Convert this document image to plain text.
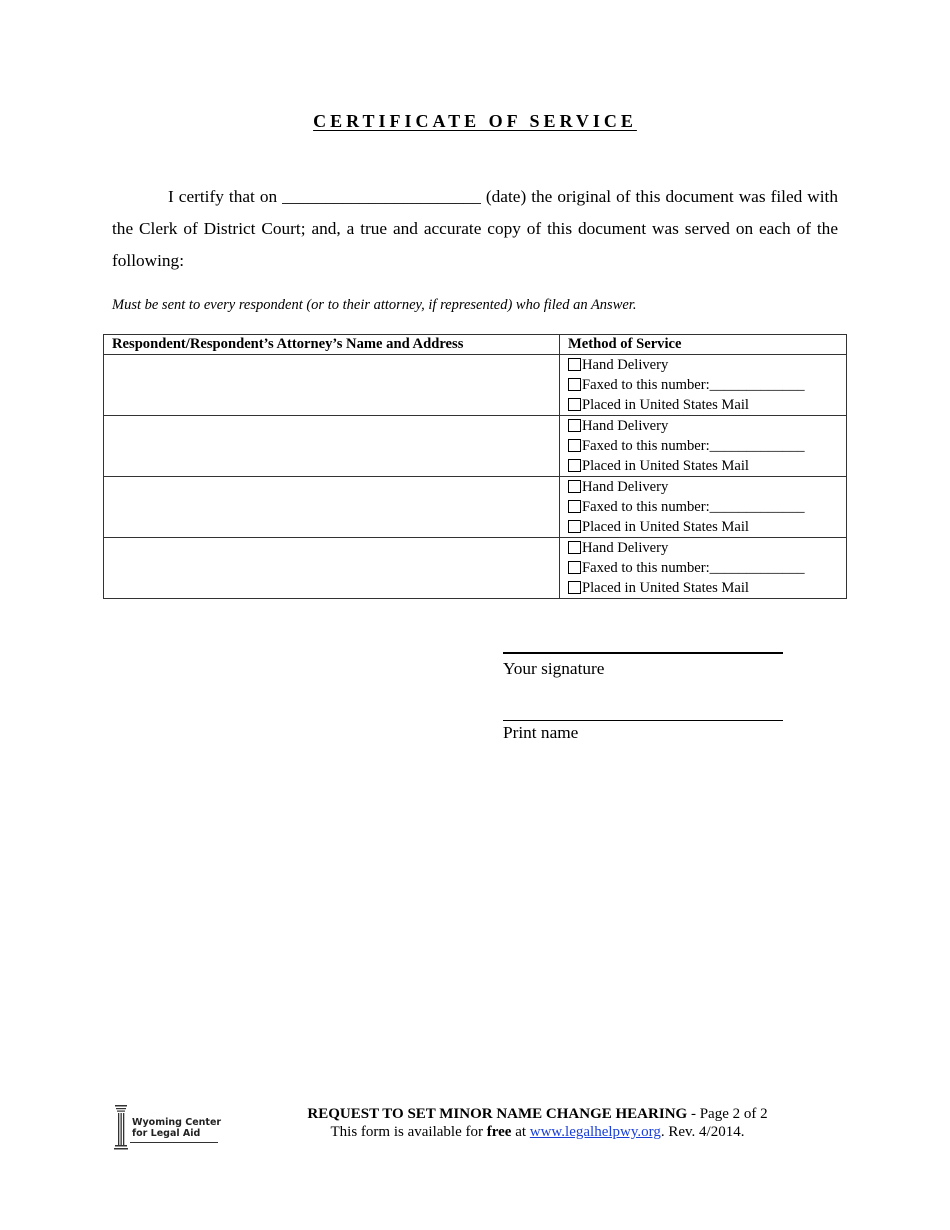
CERTIFICATE OF SERVICE
I certify that on _______________________ (date) the original of this document was filed with the Clerk of District Court; and, a true and accurate copy of this document was served on each of the following:
Must be sent to every respondent (or to their attorney, if represented) who filed an Answer.
Respondent/Respondent’s Attorney’s Name and Address	Method of Service

	Hand Delivery
Faxed to this number:_____________
Placed in United States Mail

	Hand Delivery
Faxed to this number:_____________
Placed in United States Mail

	Hand Delivery
Faxed to this number:_____________
Placed in United States Mail

	Hand Delivery
Faxed to this number:_____________
Placed in United States Mail
Your signature
Print name
Wyoming Center
for Legal Aid
REQUEST TO SET MINOR NAME CHANGE HEARING - Page 2 of 2
This form is available for free at www.legalhelpwy.org. Rev. 4/2014.
